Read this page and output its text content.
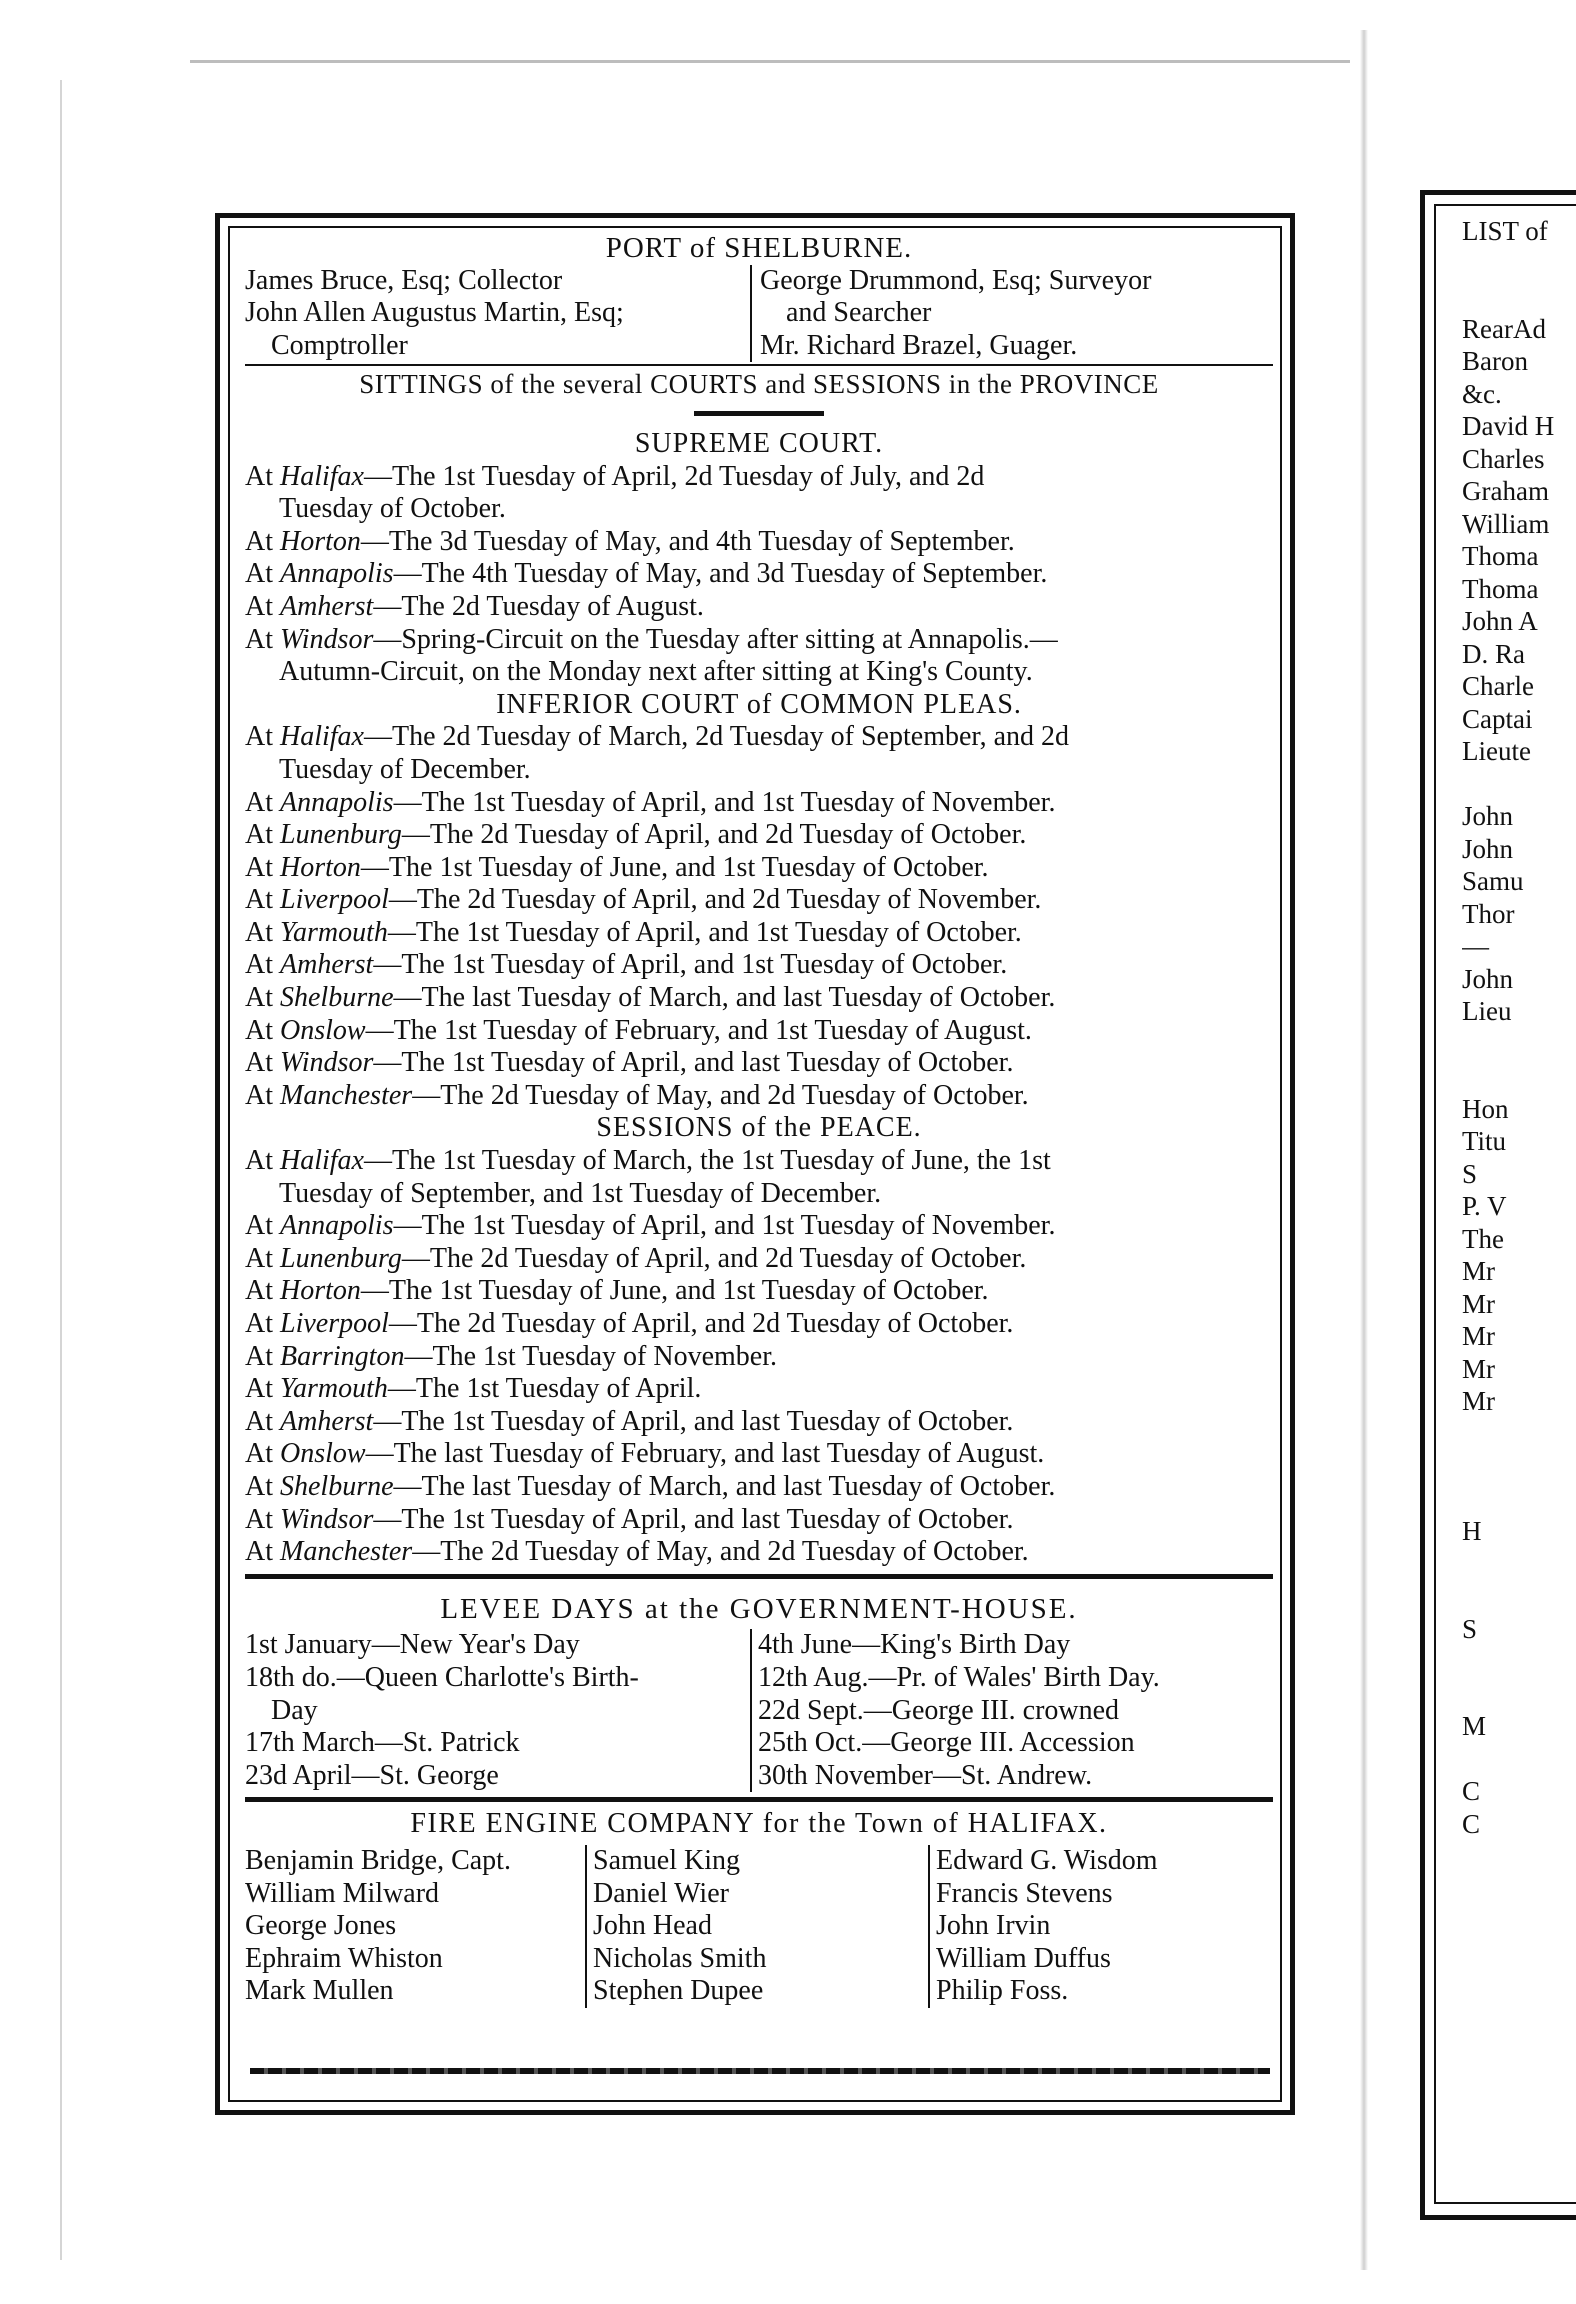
PORT of SHELBURNE.
James Bruce, Esq; Collector
John Allen Augustus Martin, Esq;
Comptroller
George Drummond, Esq; Surveyor
and Searcher
Mr. Richard Brazel, Guager.
SITTINGS of the several COURTS and SESSIONS in the PROVINCE
SUPREME COURT.
At Halifax—The 1st Tuesday of April, 2d Tuesday of July, and 2d
Tuesday of October.
At Horton—The 3d Tuesday of May, and 4th Tuesday of September.
At Annapolis—The 4th Tuesday of May, and 3d Tuesday of September.
At Amherst—The 2d Tuesday of August.
At Windsor—Spring-Circuit on the Tuesday after sitting at Annapolis.—
Autumn-Circuit, on the Monday next after sitting at King's County.
INFERIOR COURT of COMMON PLEAS.
At Halifax—The 2d Tuesday of March, 2d Tuesday of September, and 2d
Tuesday of December.
At Annapolis—The 1st Tuesday of April, and 1st Tuesday of November.
At Lunenburg—The 2d Tuesday of April, and 2d Tuesday of October.
At Horton—The 1st Tuesday of June, and 1st Tuesday of October.
At Liverpool—The 2d Tuesday of April, and 2d Tuesday of November.
At Yarmouth—The 1st Tuesday of April, and 1st Tuesday of October.
At Amherst—The 1st Tuesday of April, and 1st Tuesday of October.
At Shelburne—The last Tuesday of March, and last Tuesday of October.
At Onslow—The 1st Tuesday of February, and 1st Tuesday of August.
At Windsor—The 1st Tuesday of April, and last Tuesday of October.
At Manchester—The 2d Tuesday of May, and 2d Tuesday of October.
SESSIONS of the PEACE.
At Halifax—The 1st Tuesday of March, the 1st Tuesday of June, the 1st
Tuesday of September, and 1st Tuesday of December.
At Annapolis—The 1st Tuesday of April, and 1st Tuesday of November.
At Lunenburg—The 2d Tuesday of April, and 2d Tuesday of October.
At Horton—The 1st Tuesday of June, and 1st Tuesday of October.
At Liverpool—The 2d Tuesday of April, and 2d Tuesday of October.
At Barrington—The 1st Tuesday of November.
At Yarmouth—The 1st Tuesday of April.
At Amherst—The 1st Tuesday of April, and last Tuesday of October.
At Onslow—The last Tuesday of February, and last Tuesday of August.
At Shelburne—The last Tuesday of March, and last Tuesday of October.
At Windsor—The 1st Tuesday of April, and last Tuesday of October.
At Manchester—The 2d Tuesday of May, and 2d Tuesday of October.
LEVEE DAYS at the GOVERNMENT-HOUSE.
1st January—New Year's Day
18th do.—Queen Charlotte's Birth-
Day
17th March—St. Patrick
23d April—St. George
4th June—King's Birth Day
12th Aug.—Pr. of Wales' Birth Day.
22d Sept.—George III. crowned
25th Oct.—George III. Accession
30th November—St. Andrew.
FIRE ENGINE COMPANY for the Town of HALIFAX.
Benjamin Bridge, Capt.
William Milward
George Jones
Ephraim Whiston
Mark Mullen
Samuel King
Daniel Wier
John Head
Nicholas Smith
Stephen Dupee
Edward G. Wisdom
Francis Stevens
John Irvin
William Duffus
Philip Foss.
LIST of

RearAd
Baron
&c.
David H
Charles
Graham
William
Thoma
Thoma
John A
D. Ra
Charle
Captai
Lieute

John
John
Samu
Thor
—
John
Lieu

Hon
Titu
S
P. V
The
Mr
Mr
Mr
Mr
Mr

H

S

M

C
C
